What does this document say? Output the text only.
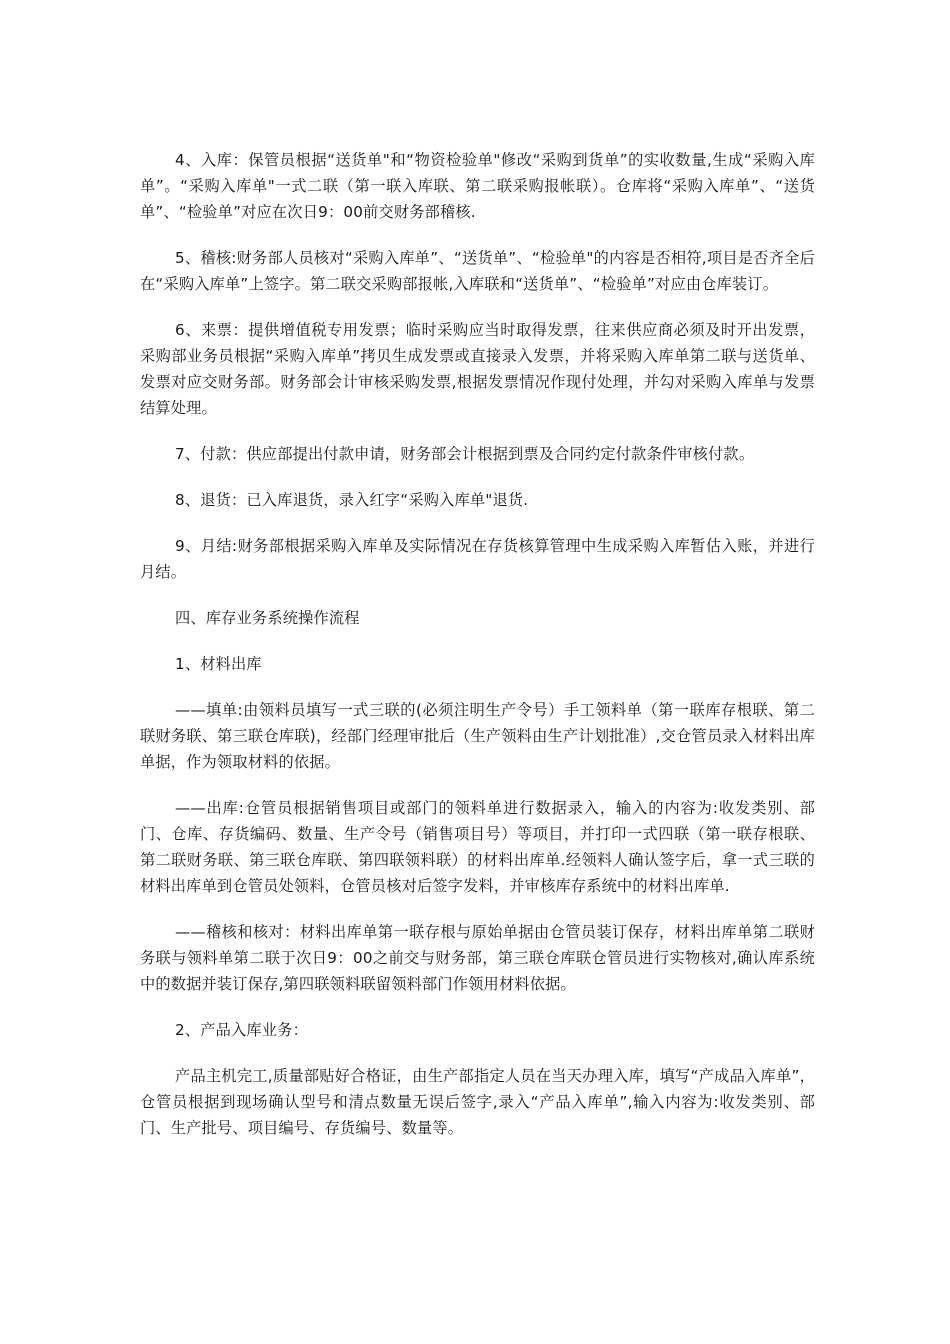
4、入库：保管员根据“送货单"和“物资检验单"修改“采购到货单”的实收数量,生成“采购入库单”。“采购入库单"一式二联（第一联入库联、第二联采购报帐联）。仓库将“采购入库单”、“送货单”、“检验单”对应在次日9：00前交财务部稽核.

5、稽核:财务部人员核对“采购入库单”、“送货单”、“检验单"的内容是否相符,项目是否齐全后在“采购入库单”上签字。第二联交采购部报帐,入库联和“送货单”、“检验单”对应由仓库装订。

6、来票：提供增值税专用发票；临时采购应当时取得发票，往来供应商必须及时开出发票，采购部业务员根据“采购入库单”拷贝生成发票或直接录入发票，并将采购入库单第二联与送货单、发票对应交财务部。财务部会计审核采购发票,根据发票情况作现付处理，并勾对采购入库单与发票结算处理。

7、付款：供应部提出付款申请，财务部会计根据到票及合同约定付款条件审核付款。

8、退货：已入库退货，录入红字“采购入库单"退货.

9、月结:财务部根据采购入库单及实际情况在存货核算管理中生成采购入库暂估入账，并进行月结。

四、库存业务系统操作流程

1、材料出库

——填单:由领料员填写一式三联的(必须注明生产令号）手工领料单（第一联库存根联、第二联财务联、第三联仓库联)，经部门经理审批后（生产领料由生产计划批准）,交仓管员录入材料出库单据，作为领取材料的依据。

——出库:仓管员根据销售项目或部门的领料单进行数据录入，输入的内容为:收发类别、部门、仓库、存货编码、数量、生产令号（销售项目号）等项目，并打印一式四联（第一联存根联、第二联财务联、第三联仓库联、第四联领料联）的材料出库单.经领料人确认签字后，拿一式三联的材料出库单到仓管员处领料，仓管员核对后签字发料，并审核库存系统中的材料出库单.

——稽核和核对：材料出库单第一联存根与原始单据由仓管员装订保存，材料出库单第二联财务联与领料单第二联于次日9：00之前交与财务部，第三联仓库联仓管员进行实物核对,确认库系统中的数据并装订保存,第四联领料联留领料部门作领用材料依据。

2、产品入库业务：

产品主机完工,质量部贴好合格证，由生产部指定人员在当天办理入库，填写“产成品入库单”，仓管员根据到现场确认型号和清点数量无误后签字,录入“产品入库单”,输入内容为:收发类别、部门、生产批号、项目编号、存货编号、数量等。
